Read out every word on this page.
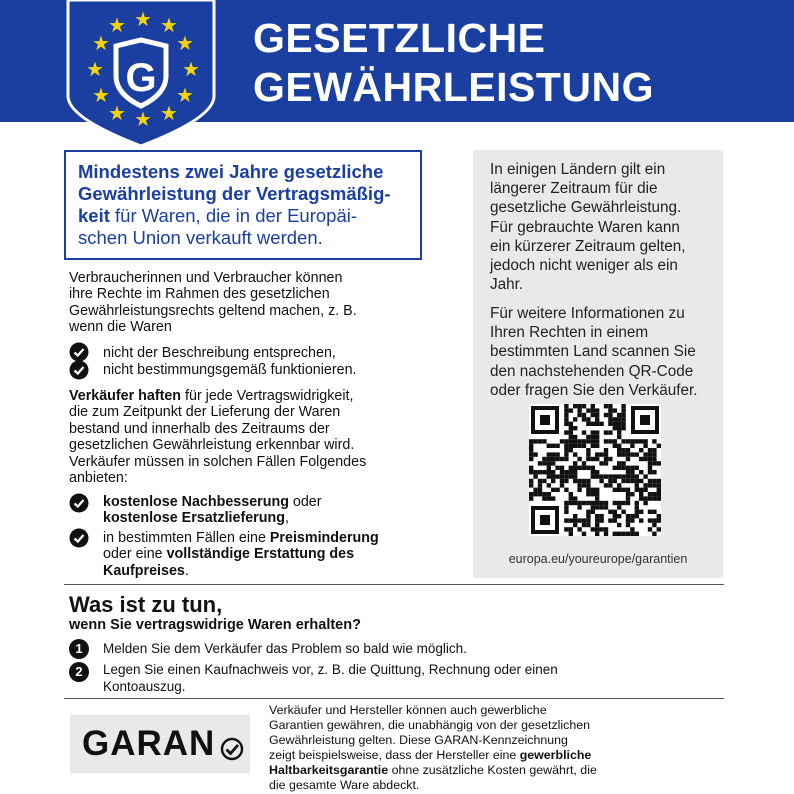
★ ★
★
★
★
★
★
★
★
★
★
★
G
GESETZLICHE
GEWÄHRLEISTUNG
Mindestens zwei Jahre gesetzliche
Gewährleistung der Vertragsmäßig-
keit für Waren, die in der Europäi-
schen Union verkauft werden.
Verbraucherinnen und Verbraucher können
ihre Rechte im Rahmen des gesetzlichen
Gewährleistungsrechts geltend machen, z. B.
wenn die Waren
nicht der Beschreibung entsprechen,
nicht bestimmungsgemäß funktionieren.
Verkäufer haften für jede Vertragswidrigkeit,
die zum Zeitpunkt der Lieferung der Waren
bestand und innerhalb des Zeitraums der
gesetzlichen Gewährleistung erkennbar wird.
Verkäufer müssen in solchen Fällen Folgendes
anbieten:
kostenlose Nachbesserung oder
kostenlose Ersatzlieferung,
in bestimmten Fällen eine Preisminderung
oder eine vollständige Erstattung des
Kaufpreises.
In einigen Ländern gilt ein
längerer Zeitraum für die
gesetzliche Gewährleistung.
Für gebrauchte Waren kann
ein kürzerer Zeitraum gelten,
jedoch nicht weniger als ein
Jahr.
Für weitere Informationen zu
Ihren Rechten in einem
bestimmten Land scannen Sie
den nachstehenden QR-Code
oder fragen Sie den Verkäufer.
europa.eu/youreurope/garantien
Was ist zu tun,
wenn Sie vertragswidrige Waren erhalten?
1	Melden Sie dem Verkäufer das Problem so bald wie möglich.
2	Legen Sie einen Kaufnachweis vor, z. B. die Quittung, Rechnung oder einen
Kontoauszug.
GARAN
Verkäufer und Hersteller können auch gewerbliche
Garantien gewähren, die unabhängig von der gesetzlichen
Gewährleistung gelten. Diese GARAN-Kennzeichnung
zeigt beispielsweise, dass der Hersteller eine gewerbliche
Haltbarkeitsgarantie ohne zusätzliche Kosten gewährt, die
die gesamte Ware abdeckt.
